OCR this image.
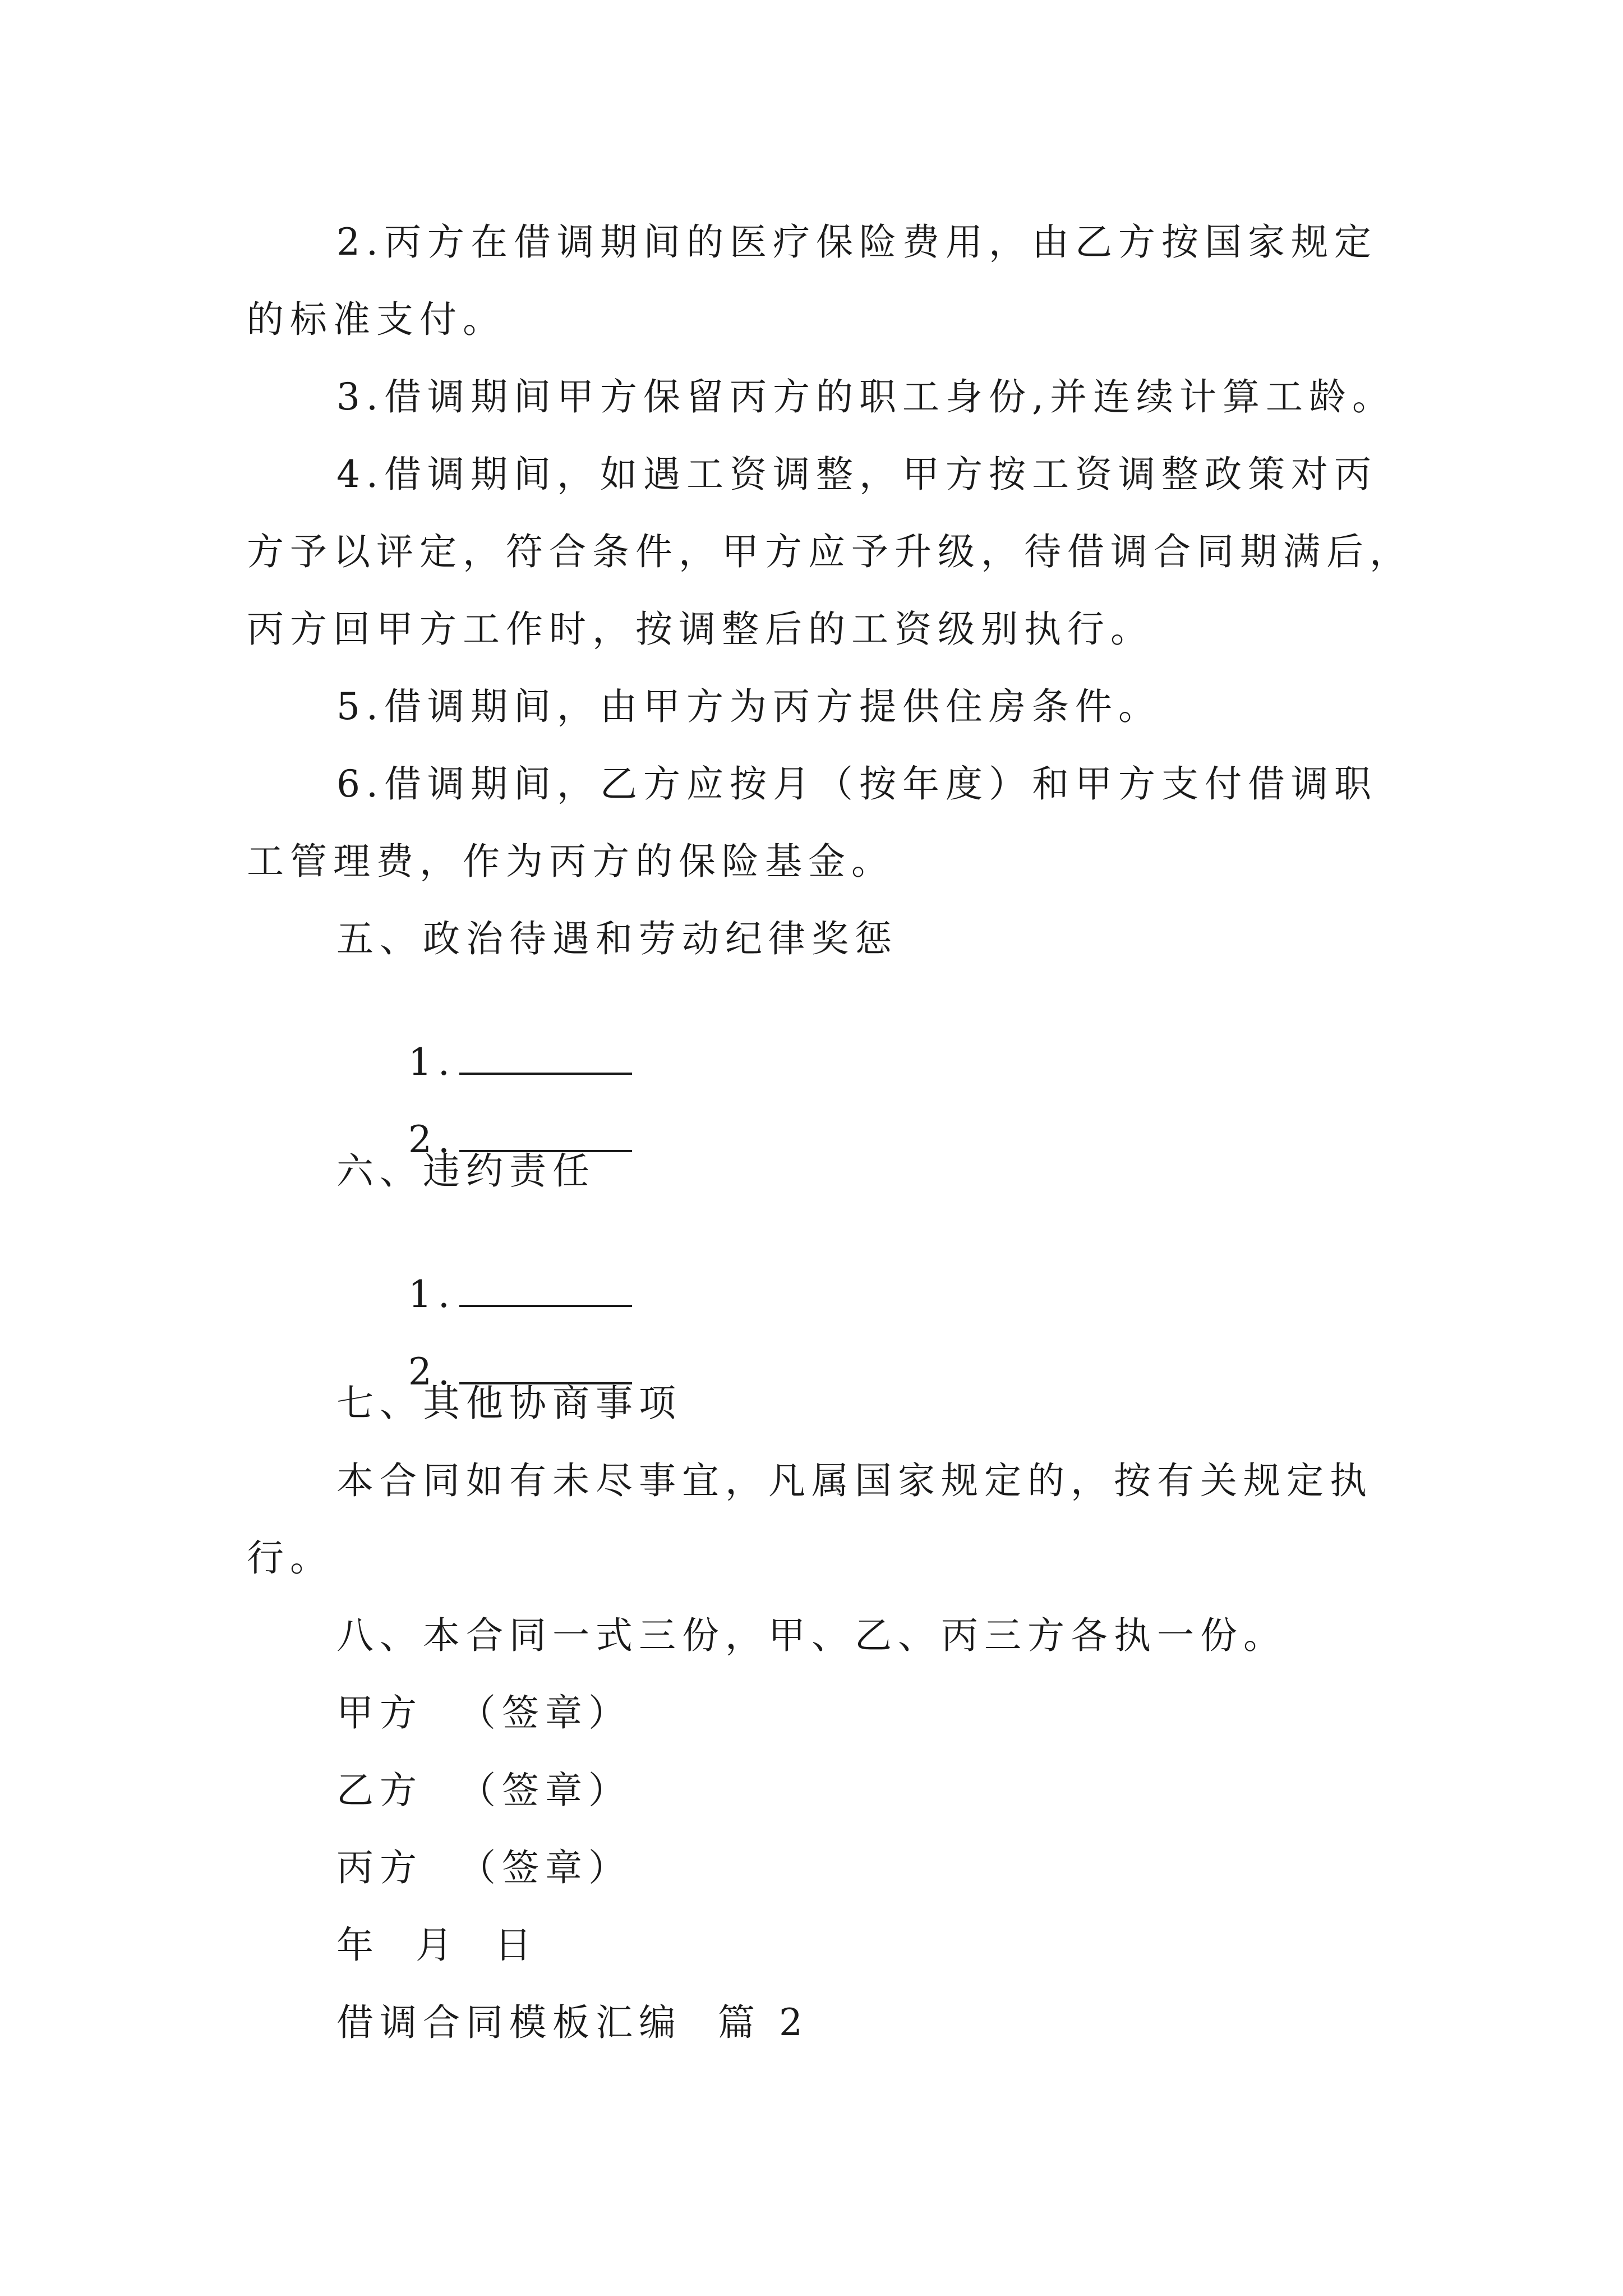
2.丙方在借调期间的医疗保险费用，由乙方按国家规定
的标准支付。
3.借调期间甲方保留丙方的职工身份,并连续计算工龄。
4.借调期间，如遇工资调整，甲方按工资调整政策对丙
方予以评定，符合条件，甲方应予升级，待借调合同期满后，
丙方回甲方工作时，按调整后的工资级别执行。
5.借调期间，由甲方为丙方提供住房条件。
6.借调期间，乙方应按月（按年度）和甲方支付借调职
工管理费，作为丙方的保险基金。
五、政治待遇和劳动纪律奖惩

1.

2.

六、违约责任

1.

2.

七、其他协商事项
本合同如有未尽事宜，凡属国家规定的，按有关规定执
行。
八、本合同一式三份，甲、乙、丙三方各执一份。
甲方  （签章）
乙方  （签章）
丙方  （签章）
年  月  日
借调合同模板汇编  篇 2
